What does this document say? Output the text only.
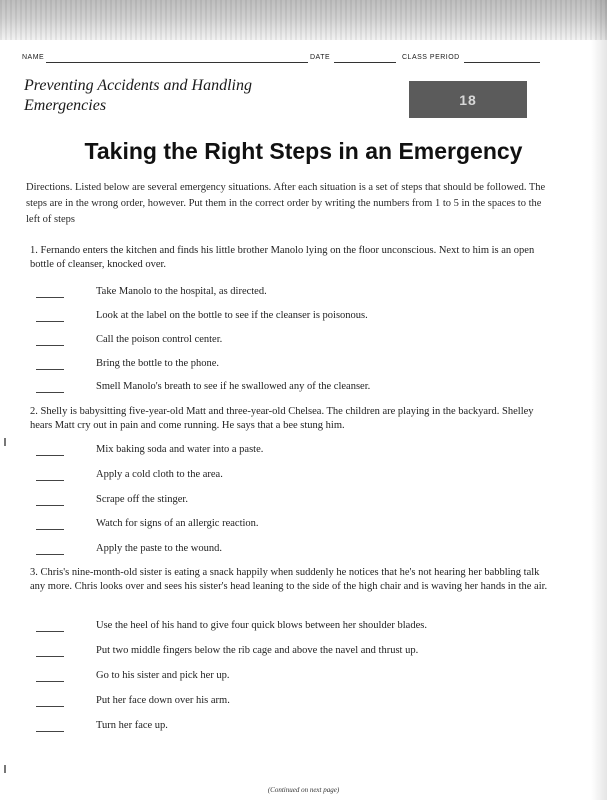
NAME	DATE	CLASS PERIOD
Preventing Accidents and Handling
Emergencies	18
Taking the Right Steps in an Emergency
Directions. Listed below are several emergency situations. After each situation is a set of steps that should be followed. The steps are in the wrong order, however. Put them in the correct order by writing the numbers from 1 to 5 in the spaces to the left of steps
1. Fernando enters the kitchen and finds his little brother Manolo lying on the floor unconscious. Next to him is an open bottle of cleanser, knocked over.
Take Manolo to the hospital, as directed.
Look at the label on the bottle to see if the cleanser is poisonous.
Call the poison control center.
Bring the bottle to the phone.
Smell Manolo's breath to see if he swallowed any of the cleanser.
2. Shelly is babysitting five-year-old Matt and three-year-old Chelsea. The children are playing in the backyard. Shelley hears Matt cry out in pain and come running. He says that a bee stung him.
Mix baking soda and water into a paste.
Apply a cold cloth to the area.
Scrape off the stinger.
Watch for signs of an allergic reaction.
Apply the paste to the wound.
3. Chris's nine-month-old sister is eating a snack happily when suddenly he notices that he's not hearing her babbling talk any more. Chris looks over and sees his sister's head leaning to the side of the high chair and is waving her hands in the air.
Use the heel of his hand to give four quick blows between her shoulder blades.
Put two middle fingers below the rib cage and above the navel and thrust up.
Go to his sister and pick her up.
Put her face down over his arm.
Turn her face up.
(Continued on next page)
